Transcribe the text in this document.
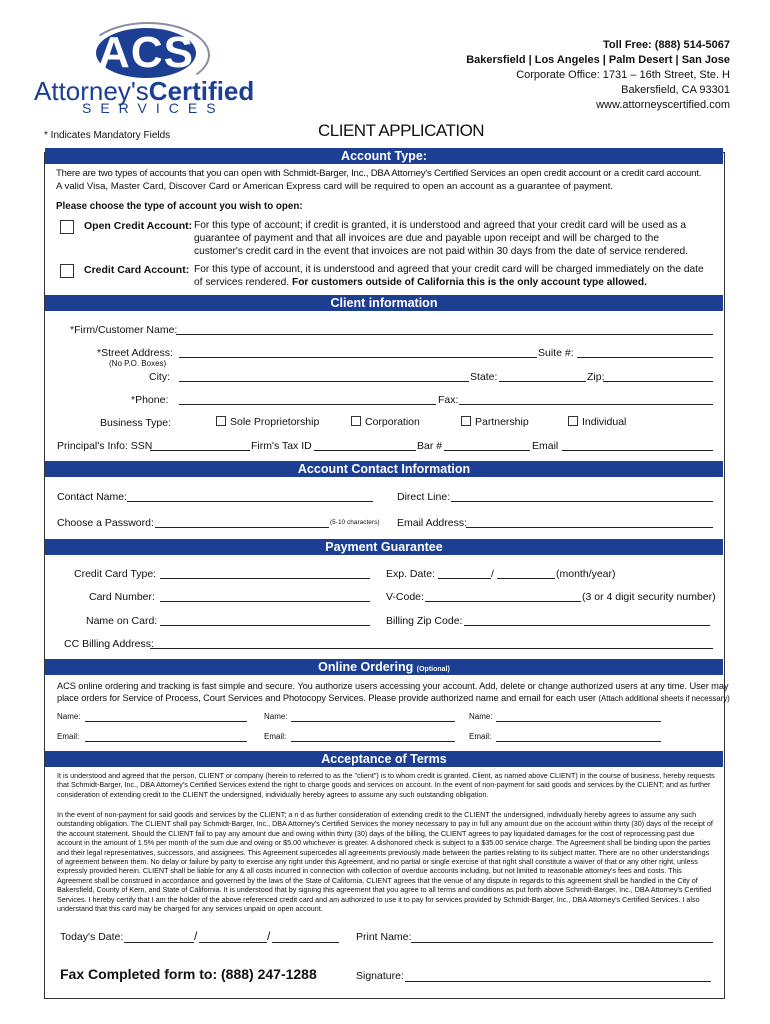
ACS
Attorney'sCertified
SERVICES
Toll Free: (888) 514-5067
Bakersfield | Los Angeles | Palm Desert | San Jose
Corporate Office: 1731 – 16th Street, Ste. H
Bakersfield, CA 93301
www.attorneyscertified.com
* Indicates Mandatory Fields	CLIENT APPLICATION
Account Type:
There are two types of accounts that you can open with Schmidt-Barger, Inc., DBA Attorney's Certified Services an open credit account or a credit card account.
A valid Visa, Master Card, Discover Card or American Express card will be required to open an account as a guarantee of payment.
Please choose the type of account you wish to open:
Open Credit Account: For this type of account; if credit is granted, it is understood and agreed that your credit card will be used as a
guarantee of payment and that all invoices are due and payable upon receipt and will be charged to the
customer's credit card in the event that invoices are not paid within 30 days from the date of service rendered.
Credit Card Account: For this type of account, it is understood and agreed that your credit card will be charged immediately on the date
of services rendered. For customers outside of California this is the only account type allowed.
Client information
*Firm/Customer Name:
*Street Address:
(No P.O. Boxes)
Suite #:
City:	State:	Zip:
*Phone:	Fax:
Business Type:	Sole Proprietorship	Corporation	Partnership	Individual
Principal's Info: SSN	Firm's Tax ID	Bar #	Email
Account Contact Information
Contact Name:	Direct Line:
Choose a Password:	(5-10 characters) Email Address:
Payment Guarantee
Credit Card Type:	Exp. Date:	/	(month/year)
Card Number:	V-Code:	(3 or 4 digit security number)
Name on Card:	Billing Zip Code:
CC Billing Address:
Online Ordering (Optional)
ACS online ordering and tracking is fast simple and secure. You authorize users accessing your account. Add, delete or change authorized users at any time. User may
place orders for Service of Process, Court Services and Photocopy Services. Please provide authorized name and email for each user (Attach additional sheets if necessary)
Name:	Name:	Name:
Email:	Email:	Email:
Acceptance of Terms
It is understood and agreed that the person, CLIENT or company (herein to referred to as the "client") is to whom credit is granted. Client, as named above CLIENT) in the course of business, hereby requests that Schmidt-Barger, Inc., DBA Attorney's Certified Services extend the right to charge goods and services on account. In the event of non-payment for said goods and services by the CLIENT; and as further consideration of extending credit to the CLIENT the undersigned, individually hereby agrees to assume any such outstanding obligation.
In the event of non-payment for said goods and services by the CLIENT; a n d as further consideration of extending credit to the CLIENT the undersigned, individually hereby agrees to assume any such outstanding obligation. The CLIENT shall pay Schmidt-Barger, Inc., DBA Attorney's Certified Services the money necessary to pay in full any amount due on the account within thirty (30) days of the receipt of the account statement. Should the CLIENT fail to pay any amount due and owing within thirty (30) days of the billing, the CLIENT agrees to pay liquidated damages for the cost of reprocessing past due account in the amount of 1.5% per month of the sum due and owing or $5.00 whichever is greater. A dishonored check is subject to a $35.00 service charge. The Agreement shall be binding upon the parties and their legal representatives, successors, and assignees. This Agreement supercedes all agreements previously made between the parties relating to its subject matter. There are no other understandings of agreement between them. No delay or failure by party to exercise any right under this Agreement, and no partial or single exercise of that right shall constitute a waiver of that or any other right, unless expressly provided herein. CLIENT shall be liable for any & all costs incurred in connection with collection of overdue accounts including, but not limited to reasonable attorney's fees and costs. This Agreement shall be construed in accordance and governed by the laws of the State of California. CLIENT agrees that the venue of any dispute in regards to this agreement shall be handled in the City of Bakersfield, County of Kern, and State of California. It is understood that by signing this agreement that you agree to all terms and conditions as put forth above Schmidt-Barger, Inc., DBA Attorney's Certified Services. I hereby certify that I am the holder of the above referenced credit card and am authorized to use it to pay for services provided by Schmidt-Barger, Inc., DBA Attorney's Certified Services. I also understand that this card may be charged for any services unpaid on open account.
Today's Date:	/	/	Print Name:
Fax Completed form to: (888) 247-1288	Signature:
